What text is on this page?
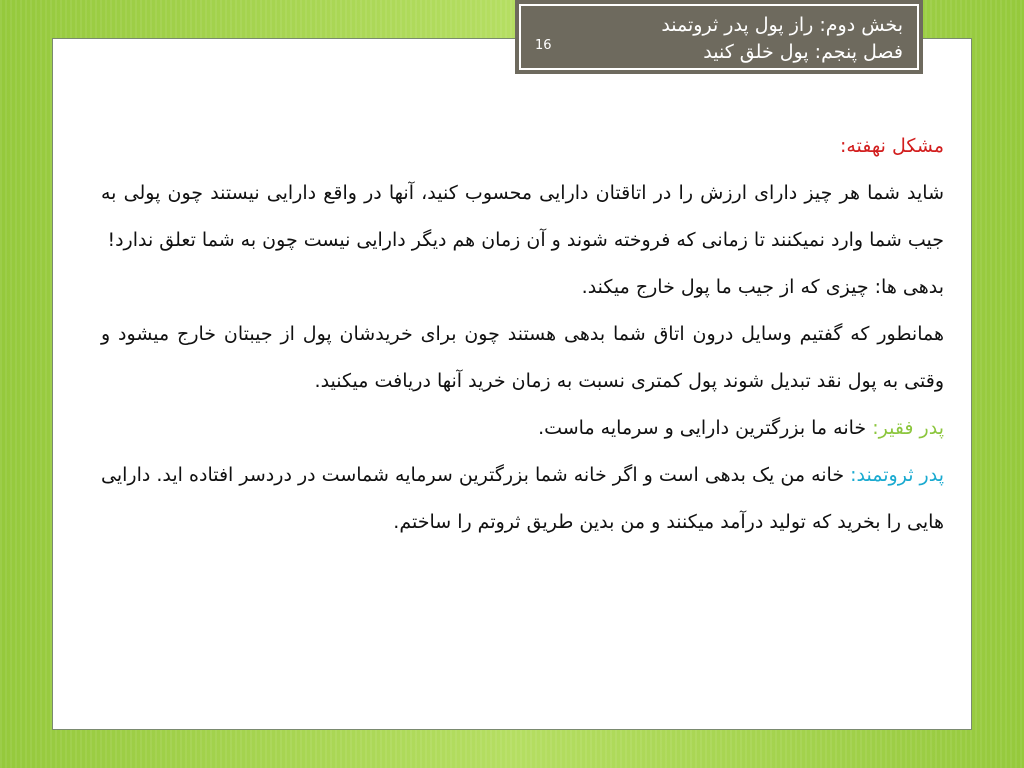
بخش دوم: راز پول پدر ثروتمند
فصل پنجم: پول خلق کنید
16

مشکل نهفته:

شاید شما هر چیز دارای ارزش را در اتاقتان دارایی محسوب کنید، آنها در واقع دارایی نیستند چون پولی به جیب شما وارد نمیکنند تا زمانی که فروخته شوند و آن زمان هم دیگر دارایی نیست چون به شما تعلق ندارد!

بدهی ها: چیزی که از جیب ما پول خارج میکند.

همانطور که گفتیم وسایل درون اتاق شما بدهی هستند چون برای خریدشان پول از جیبتان خارج میشود و وقتی به پول نقد تبدیل شوند پول کمتری نسبت به زمان خرید آنها دریافت میکنید.

پدر فقیر: خانه ما بزرگترین دارایی و سرمایه ماست.

پدر ثروتمند: خانه من یک بدهی است و اگر خانه شما بزرگترین سرمایه شماست در دردسر افتاده اید. دارایی هایی را بخرید که تولید درآمد میکنند و من بدین طریق ثروتم را ساختم.
